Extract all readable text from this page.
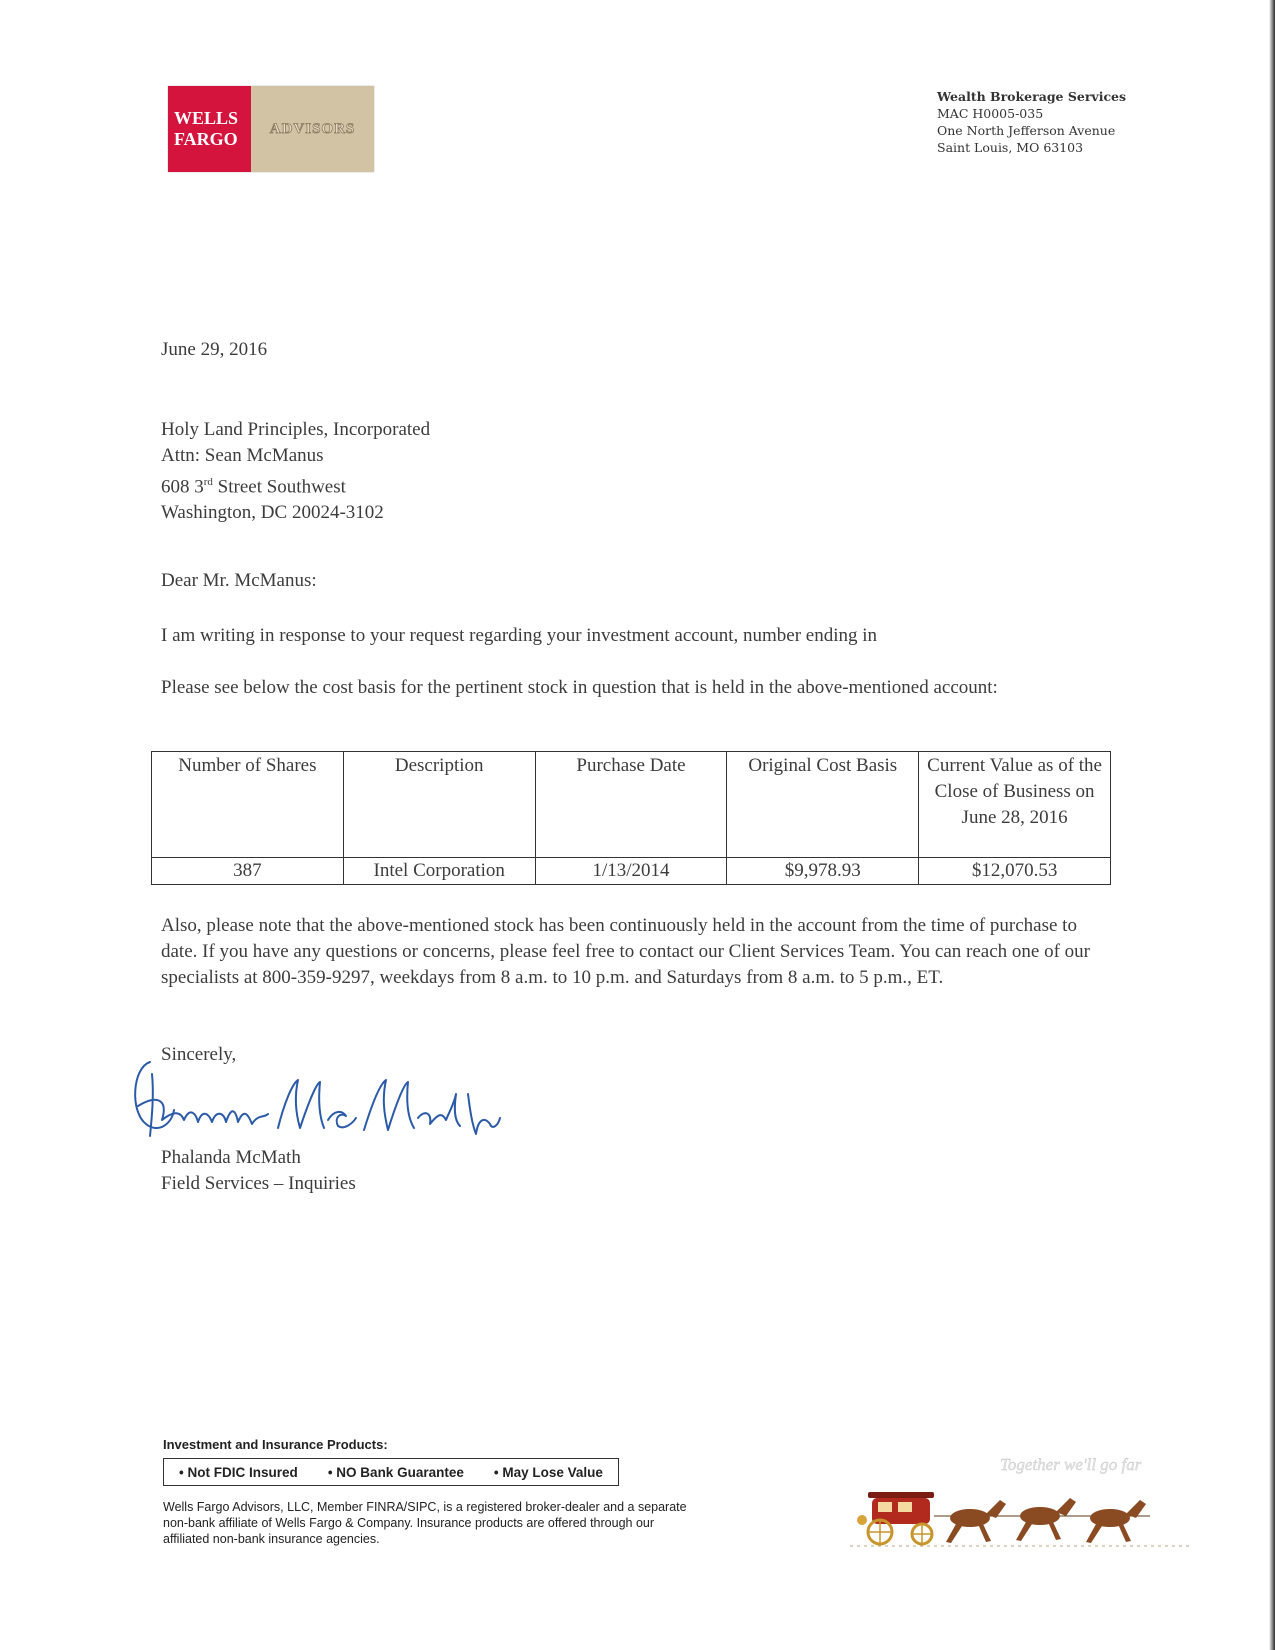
WELLS
FARGO
ADVISORS
Wealth Brokerage Services
MAC H0005-035
One North Jefferson Avenue
Saint Louis, MO 63103
June 29, 2016
Holy Land Principles, Incorporated
Attn: Sean McManus
608 3rd Street Southwest
Washington, DC 20024-3102
Dear Mr. McManus:
I am writing in response to your request regarding your investment account, number ending in
Please see below the cost basis for the pertinent stock in question that is held in the above-mentioned account:
Number of Shares	Description	Purchase Date	Original Cost Basis	Current Value as of the Close of Business on June 28, 2016
387	Intel Corporation	1/13/2014	$9,978.93	$12,070.53
Also, please note that the above-mentioned stock has been continuously held in the account from the time of purchase to date. If you have any questions or concerns, please feel free to contact our Client Services Team. You can reach one of our specialists at 800-359-9297, weekdays from 8 a.m. to 10 p.m. and Saturdays from 8 a.m. to 5 p.m., ET.
Sincerely,
Phalanda McMath
Field Services – Inquiries
Investment and Insurance Products:
• Not FDIC Insured • NO Bank Guarantee • May Lose Value
Wells Fargo Advisors, LLC, Member FINRA/SIPC, is a registered broker-dealer and a separate non-bank affiliate of Wells Fargo & Company. Insurance products are offered through our affiliated non-bank insurance agencies.
Together we'll go far
